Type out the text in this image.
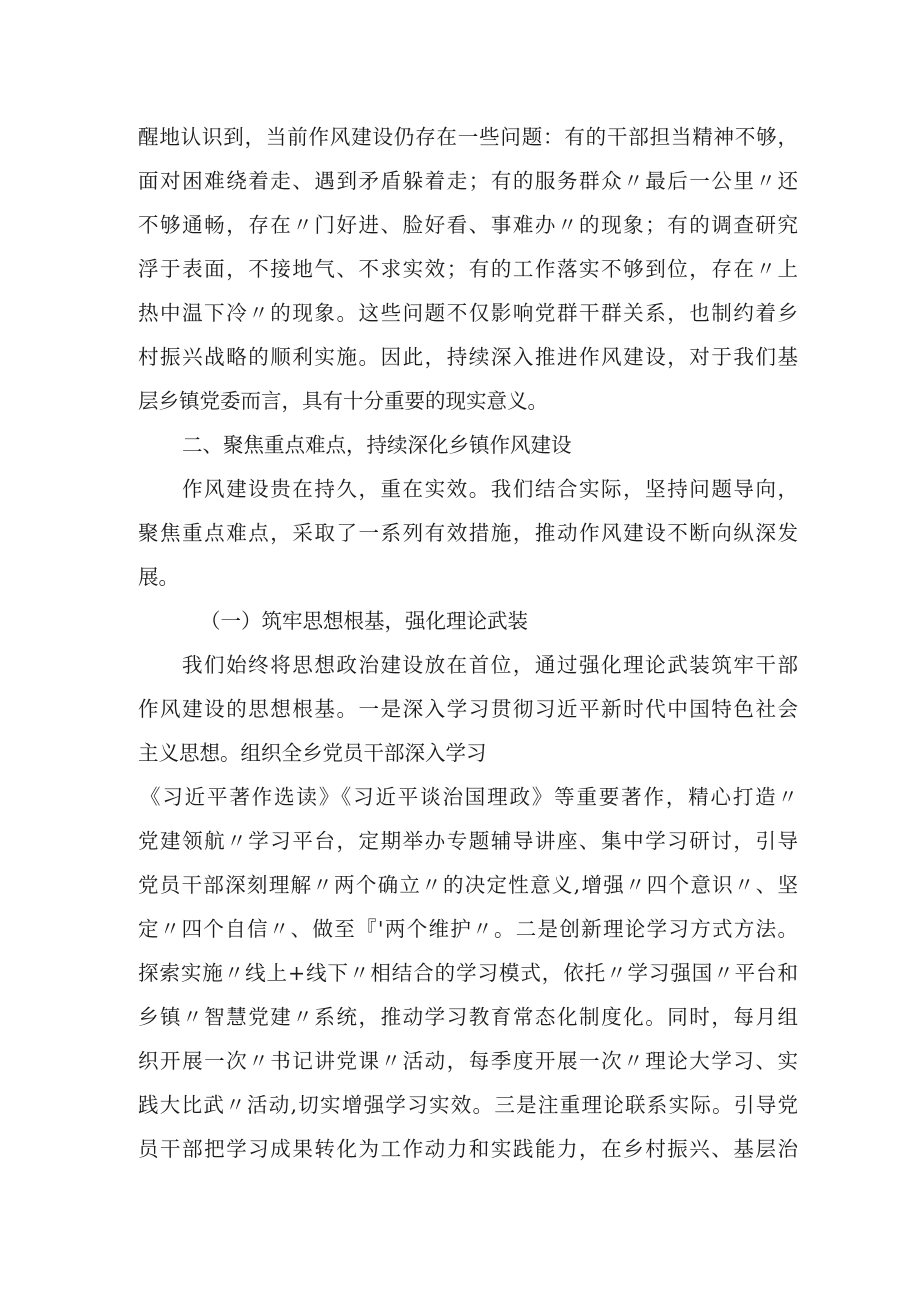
醒地认识到，当前作风建设仍存在一些问题：有的干部担当精神不够，
面对困难绕着走、遇到矛盾躲着走；有的服务群众〃最后一公里〃还
不够通畅，存在〃门好进、脸好看、事难办〃的现象；有的调查研究
浮于表面，不接地气、不求实效；有的工作落实不够到位，存在〃上
热中温下冷〃的现象。这些问题不仅影响党群干群关系，也制约着乡
村振兴战略的顺利实施。因此，持续深入推进作风建设，对于我们基
层乡镇党委而言，具有十分重要的现实意义。
二、聚焦重点难点，持续深化乡镇作风建设
作风建设贵在持久，重在实效。我们结合实际，坚持问题导向，
聚焦重点难点，采取了一系列有效措施，推动作风建设不断向纵深发
展。
（一）筑牢思想根基，强化理论武装
我们始终将思想政治建设放在首位，通过强化理论武装筑牢干部
作风建设的思想根基。一是深入学习贯彻习近平新时代中国特色社会
主义思想。组织全乡党员干部深入学习
《习近平著作选读》《习近平谈治国理政》等重要著作，精心打造〃
党建领航〃学习平台，定期举办专题辅导讲座、集中学习研讨，引导
党员干部深刻理解〃两个确立〃的决定性意义,增强〃四个意识〃、坚
定〃四个自信〃、做至『'两个维护〃。二是创新理论学习方式方法。
探索实施〃线上+线下〃相结合的学习模式，依托〃学习强国〃平台和
乡镇〃智慧党建〃系统，推动学习教育常态化制度化。同时，每月组
织开展一次〃书记讲党课〃活动，每季度开展一次〃理论大学习、实
践大比武〃活动,切实增强学习实效。三是注重理论联系实际。引导党
员干部把学习成果转化为工作动力和实践能力，在乡村振兴、基层治
